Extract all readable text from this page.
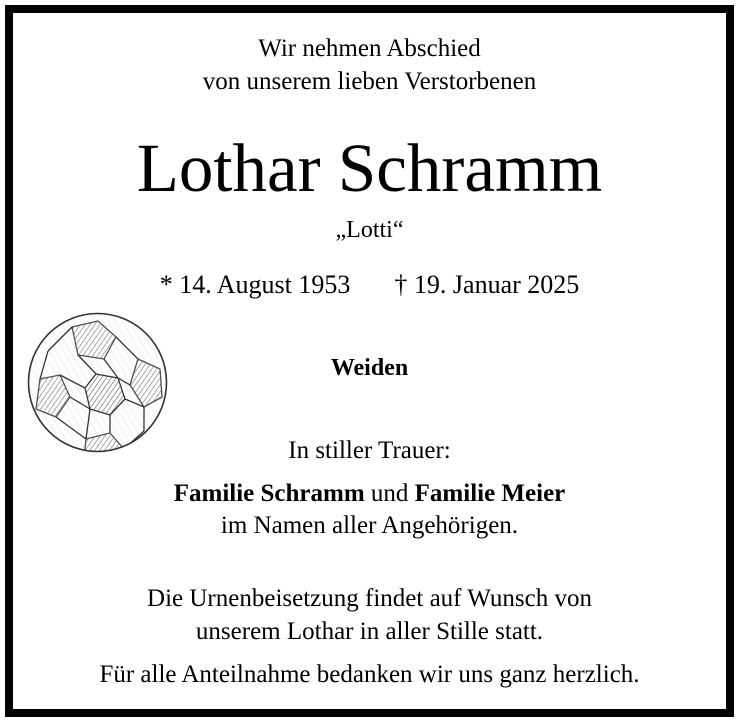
Wir nehmen Abschied
von unserem lieben Verstorbenen
Lothar Schramm
„Lotti“
* 14. August 1953 † 19. Januar 2025
Weiden
In stiller Trauer:
Familie Schramm und Familie Meier
im Namen aller Angehörigen.
Die Urnenbeisetzung findet auf Wunsch von
unserem Lothar in aller Stille statt.
Für alle Anteilnahme bedanken wir uns ganz herzlich.
